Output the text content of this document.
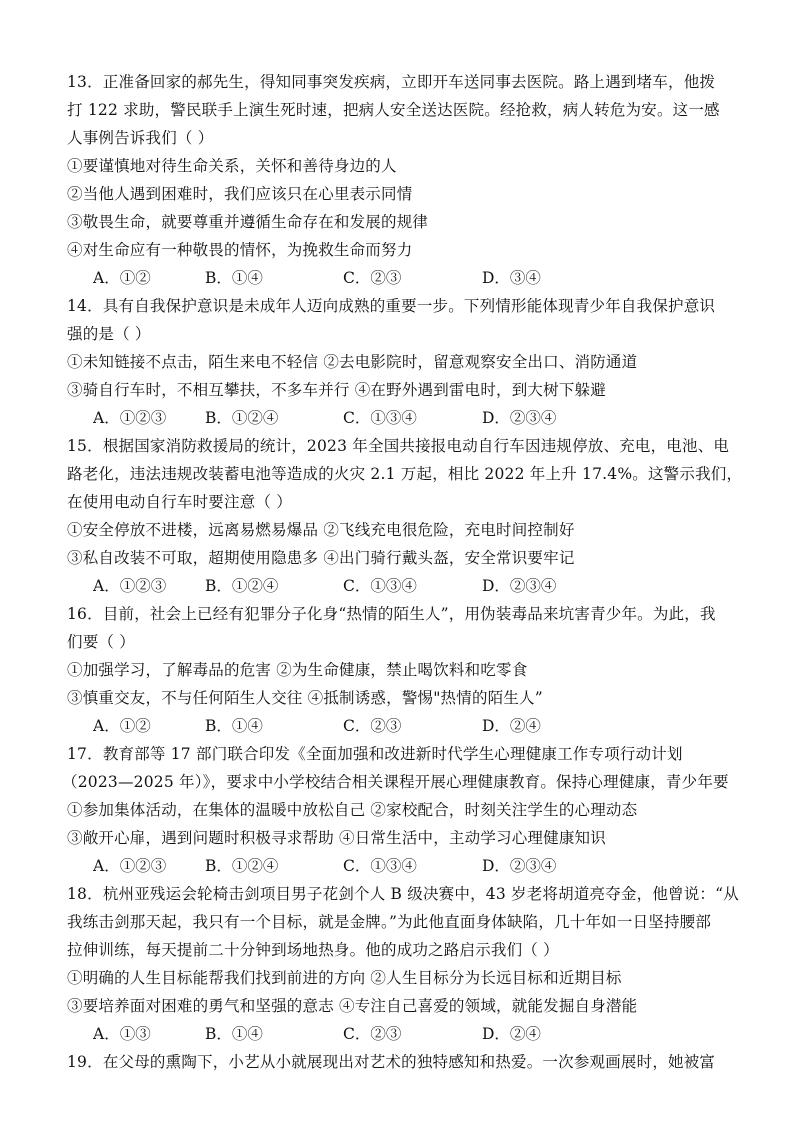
13．正准备回家的郝先生，得知同事突发疾病，立即开车送同事去医院。路上遇到堵车，他拨
打 122 求助，警民联手上演生死时速，把病人安全送达医院。经抢救，病人转危为安。这一感
人事例告诉我们（ ）
①要谨慎地对待生命关系，关怀和善待身边的人
②当他人遇到困难时，我们应该只在心里表示同情
③敬畏生命，就要尊重并遵循生命存在和发展的规律
④对生命应有一种敬畏的情怀，为挽救生命而努力
A．①②	B．①④	C．②③	D．③④
14．具有自我保护意识是未成年人迈向成熟的重要一步。下列情形能体现青少年自我保护意识
强的是（ ）
①未知链接不点击，陌生来电不轻信 ②去电影院时，留意观察安全出口、消防通道
③骑自行车时，不相互攀扶，不多车并行 ④在野外遇到雷电时，到大树下躲避
A．①②③	B．①②④	C．①③④	D．②③④
15．根据国家消防救援局的统计，2023 年全国共接报电动自行车因违规停放、充电，电池、电
路老化，违法违规改装蓄电池等造成的火灾 2.1 万起，相比 2022 年上升 17.4%。这警示我们，
在使用电动自行车时要注意（ ）
①安全停放不进楼，远离易燃易爆品 ②飞线充电很危险，充电时间控制好
③私自改装不可取，超期使用隐患多 ④出门骑行戴头盔，安全常识要牢记
A．①②③	B．①②④	C．①③④	D．②③④
16．目前，社会上已经有犯罪分子化身“热情的陌生人”，用伪装毒品来坑害青少年。为此，我
们要（ ）
①加强学习，了解毒品的危害 ②为生命健康，禁止喝饮料和吃零食
③慎重交友，不与任何陌生人交往 ④抵制诱惑，警惕"热情的陌生人”
A．①②	B．①④	C．②③	D．②④
17．教育部等 17 部门联合印发《全面加强和改进新时代学生心理健康工作专项行动计划
（2023—2025 年）》，要求中小学校结合相关课程开展心理健康教育。保持心理健康，青少年要
①参加集体活动，在集体的温暖中放松自己 ②家校配合，时刻关注学生的心理动态
③敞开心扉，遇到问题时积极寻求帮助 ④日常生活中，主动学习心理健康知识
A．①②③	B．①②④	C．①③④	D．②③④
18．杭州亚残运会轮椅击剑项目男子花剑个人 B 级决赛中，43 岁老将胡道亮夺金，他曾说：“从
我练击剑那天起，我只有一个目标，就是金牌。”为此他直面身体缺陷，几十年如一日坚持腰部
拉伸训练，每天提前二十分钟到场地热身。他的成功之路启示我们（ ）
①明确的人生目标能帮我们找到前进的方向 ②人生目标分为长远目标和近期目标
③要培养面对困难的勇气和坚强的意志 ④专注自己喜爱的领域，就能发掘自身潜能
A．①③	B．①④	C．②③	D．②④
19．在父母的熏陶下，小艺从小就展现出对艺术的独特感知和热爱。一次参观画展时，她被富
